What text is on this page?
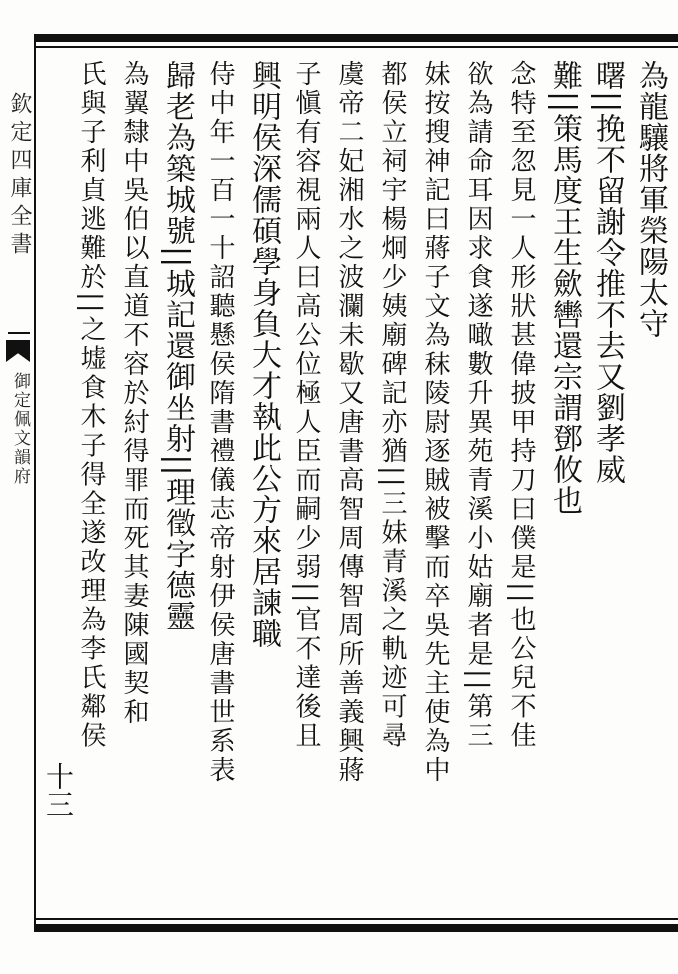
欽定四庫全書
御定佩文韻府
為龍驤將軍榮陽太守
曙||挽不留謝令推不去又劉孝威
難||策馬度王生歛轡還宗謂鄧攸也
念特至忽見一人形狀甚偉披甲持刀曰僕是||也公兒不佳
欲為請命耳因求食遂噉數升異苑青溪小姑廟者是||第三
妹按搜神記曰蔣子文為秣陵尉逐賊被擊而卒吳先主使為中
都侯立祠宇楊炯少姨廟碑記亦猶||三妹青溪之軌迹可尋
虞帝二妃湘水之波瀾未歇又唐書高智周傳智周所善義興蔣
子愼有容視兩人曰高公位極人臣而嗣少弱||官不達後且
興明侯深儒碩學身負大才執此公方來居諫職
侍中年一百一十詔聽懸侯隋書禮儀志帝射伊侯唐書世系表
歸老為築城號||城記還御坐射||理徵字德靈
為翼隸中吳伯以直道不容於紂得罪而死其妻陳國契和
氏與子利貞逃難於||之墟食木子得全遂改理為李氏鄰侯
十三
